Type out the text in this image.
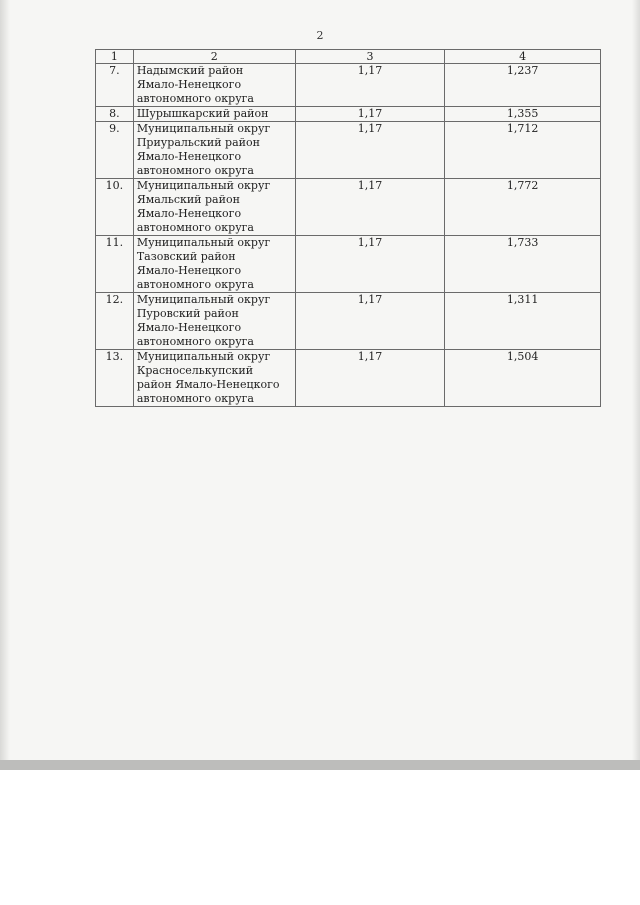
2
1	2	3	4
7.	Надымский район
Ямало-Ненецкого
автономного округа	1,17	1,237
8.	Шурышкарский район	1,17	1,355
9.	Муниципальный округ
Приуральский район
Ямало-Ненецкого
автономного округа	1,17	1,712
10.	Муниципальный округ
Ямальский район
Ямало-Ненецкого
автономного округа	1,17	1,772
11.	Муниципальный округ
Тазовский район
Ямало-Ненецкого
автономного округа	1,17	1,733
12.	Муниципальный округ
Пуровский район
Ямало-Ненецкого
автономного округа	1,17	1,311
13.	Муниципальный округ
Красноселькупский
район Ямало-Ненецкого
автономного округа	1,17	1,504
